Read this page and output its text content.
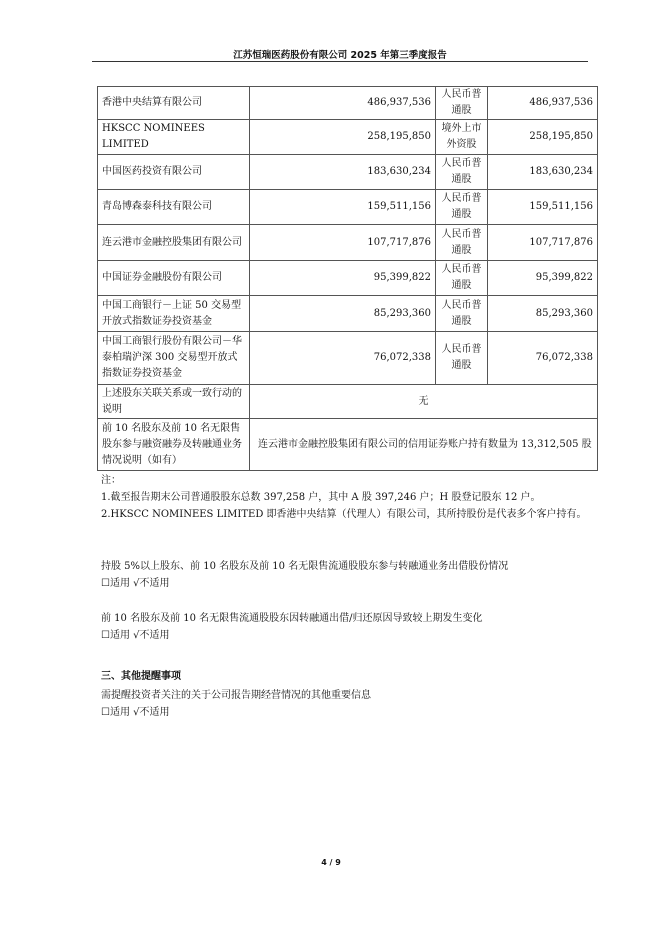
江苏恒瑞医药股份有限公司 2025 年第三季度报告
香港中央结算有限公司	486,937,536	人民币普通股	486,937,536
HKSCC NOMINEES LIMITED	258,195,850	境外上市外资股	258,195,850
中国医药投资有限公司	183,630,234	人民币普通股	183,630,234
青岛博森泰科技有限公司	159,511,156	人民币普通股	159,511,156
连云港市金融控股集团有限公司	107,717,876	人民币普通股	107,717,876
中国证券金融股份有限公司	95,399,822	人民币普通股	95,399,822
中国工商银行－上证 50 交易型开放式指数证券投资基金	85,293,360	人民币普通股	85,293,360
中国工商银行股份有限公司－华泰柏瑞沪深 300 交易型开放式指数证券投资基金	76,072,338	人民币普通股	76,072,338
上述股东关联关系或一致行动的说明	无		
前 10 名股东及前 10 名无限售股东参与融资融券及转融通业务情况说明（如有）	连云港市金融控股集团有限公司的信用证券账户持有数量为 13,312,505 股		
注：
1.截至报告期末公司普通股股东总数 397,258 户，其中 A 股 397,246 户；H 股登记股东 12 户。
2.HKSCC NOMINEES LIMITED 即香港中央结算（代理人）有限公司，其所持股份是代表多个客户持有。
持股 5%以上股东、前 10 名股东及前 10 名无限售流通股股东参与转融通业务出借股份情况
☐适用 √不适用
前 10 名股东及前 10 名无限售流通股股东因转融通出借/归还原因导致较上期发生变化
☐适用 √不适用
三、其他提醒事项
需提醒投资者关注的关于公司报告期经营情况的其他重要信息
☐适用 √不适用
4 / 9
